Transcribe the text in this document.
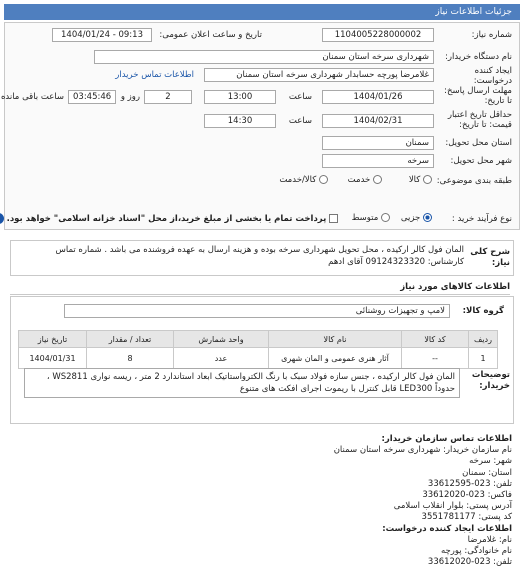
جزئیات اطلاعات نیاز
شماره نیاز:
1104005228000002
تاریخ و ساعت اعلان عمومی:
1404/01/24 - 09:13
نام دستگاه خریدار:
شهرداری سرخه استان سمنان
ایجاد کننده درخواست:
غلامرضا پورچه حسابدار شهرداری سرخه استان سمنان
اطلاعات تماس خریدار
مهلت ارسال پاسخ: تا تاریخ:
1404/01/26
ساعت
13:00
2
روز و
03:45:46
ساعت باقی مانده
حداقل تاریخ اعتبار قیمت: تا تاریخ:
1404/02/31
ساعت
14:30
استان محل تحویل:
سمنان
شهر محل تحویل:
سرخه
طبقه بندی موضوعی:
کالا
خدمت
کالا/خدمت
نوع فرآیند خرید :
جزیی
متوسط
پرداخت تمام یا بخشی از مبلغ خرید،از محل "اسناد خزانه اسلامی" خواهد بود.
شرح کلی نیاز:
المان فول کالر ارکیده ، محل تحویل شهرداری سرخه بوده و هزینه ارسال به عهده فروشنده می باشد . شماره تماس کارشناس: 09124323320 آقای ادهم
اطلاعات کالاهای مورد نیاز
گروه کالا:
لامپ و تجهیزات روشنائی
ردیف	کد کالا	نام کالا	واحد شمارش	تعداد / مقدار	تاریخ نیاز
1	--	آثار هنری عمومی و المان شهری	عدد	8	1404/01/31
توضیحات خریدار:
المان فول کالر ارکیده ، جنس سازه فولاد سبک با رنگ الکترواستاتیک ابعاد استاندارد 2 متر ، ریسه نواری WS2811 ، حدوداً LED300 قابل کنترل با ریموت اجرای افکت های متنوع
اطلاعات تماس سازمان خریدار:
نام سازمان خریدار: شهرداری سرخه استان سمنان
شهر: سرخه
استان: سمنان
تلفن: 023-33612595
فاکس: 023-33612020
آدرس پستی: بلوار انقلاب اسلامی
کد پستی: 3551781177
اطلاعات ایجاد کننده درخواست:
نام: غلامرضا
نام خانوادگی: پورچه
تلفن: 023-33612020
